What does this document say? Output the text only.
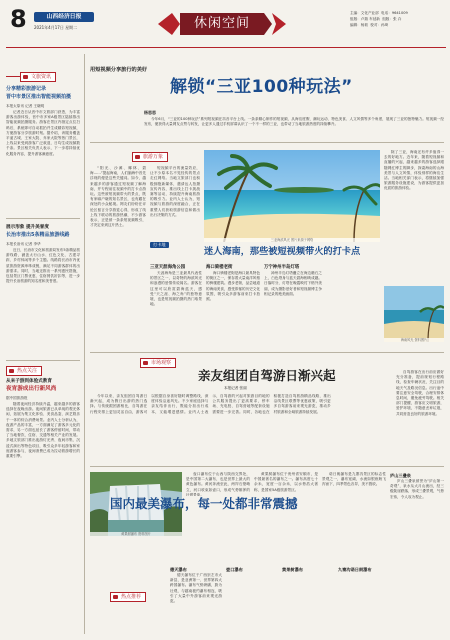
8	山西经济日报
2021年4月17日 星期二	休闲空间
主编：文化产业部 电话：9641009
组版：卢瑞 车延新 组版：张 卉
编辑：杨莉 校对：孙琦
文旅资讯
分享精彩旅游记录
晋中市景区推出智能视频拍摄
本报太原讯 记者 王晓明

记者近日从晋中市文旅部门获悉，为丰富游客出游体验，晋中市多家A级景区陆续推出智能视频拍摄服务。游客在景区内指定点位扫码后，系统即可自动抓拍并生成精彩短视频，方便游客分享旅游时刻。据介绍，该服务覆盖平遥古城、王家大院、乔家大院等热门景区，上线以来受到游客广泛欢迎，日均生成视频数千条。景区相关负责人表示，下一步将持续优化服务内容，提升游客满意度。

展示形象 提升美誉度
长治市推出5条精品旅游线路
本报长治讯 记者 李华

近日，长治市文化和旅游局发布5条精品旅游线路，涵盖太行山水、红色文化、古建寻踪、乡村休闲等多个主题。线路将长治市内优质旅游资源串珠成链，满足不同游客群体的出游需求。同时，当地还推出一系列惠民措施，包括景区门票优惠、住宿餐饮折扣等，进一步提升长治旅游的知名度和美誉度。

热点关注
从来子游到体验式教育
夜宵游成出行新风尚
据中国旅游报

随着夜间经济持续升温，越来越多的游客选择在夜晚出游。夜间旅游已从单纯的观光休闲，拓展为集文化体验、美食品鉴、演艺娱乐于一体的综合消费场景。业内人士分析认为，夜游产品的丰富，一方面满足了游客多元化的需求，另一方面也延长了游客停留时间，带动了当地餐饮、住宿、交通等相关产业的发展。多地文旅部门推出夜游灯光秀、夜间市集、沉浸式演出等特色项目，吸引众多年轻游客和家庭游客参与，夜间消费已成为拉动旅游增长的重要引擎。

用短视频分享旅行的美好
解锁“三亚100种玩法”
杨思思

今年6月，“三亚的100种玩法”系列短视频在抖音平台上线。一条条精心制作的短视频，从海岛度假、潮玩运动、特色美食、人文风情等多个角度，展现了三亚的独特魅力。短视频一经发布，便获得大量网友点赞与转发，让更多人通过手机屏幕认识了一个不一样的三亚，也带动了当地旅游热度的持续攀升。

旅游万象

“阳光、沙滩、椰林、碧海……”提起海南，人们脑海中首先浮现的便是这些关键词。如今，越来越多的游客通过短视频了解海南，并专程前往视频中的打卡点游玩。这些被短视频带火的景点，既有家喻户晓的知名景区，也有藏在深处的小众秘境。网友们纷纷在评论区留言分享游览心得，形成了线上线下联动的旅游热潮，不少游客表示，正是被一条条短视频吸引，才决定来到这片热土。

短视频平台的流量效应，让不少原本名不见经传的景点走红网络。当地文旅部门也积极拥抱新媒体，邀请达人拍摄宣传内容，推出线上打卡挑战赛等活动，持续提升海南旅游的吸引力。业内人士认为，短视频与旅游的深度融合，正在重塑人们获取旅游信息和做出出行决策的方式。

三亚海滨风光 图片来源于网络
迷人海南，那些被短视频带火的打卡点
打卡地
三亚天涯海角公园

天涯海角是三亚最具代表性的景区之一，以奇特的海滨风光和浪漫的爱情传说闻名。游客在这里可以欣赏碧海蓝天，感受“天之涯、海之角”的独特意境，也是短视频拍摄的热门取景地。

海口骑楼老街

海口骑楼老街是海口最具特色的街区之一，保存着大量南洋风格的骑楼建筑。漫步老街，品尝地道的海南美食，感受浓郁的历史文化氛围，吸引众多游客前来打卡拍照。

万宁神州半岛灯塔

神州半岛灯塔矗立在海边礁石之上，白色塔身与蓝天碧海相映成趣。日落时分，灯塔在晚霞映衬下格外美丽，成为摄影爱好者和短视频博主争相记录的绝美画面。

除了三亚，海南还有许多值得一去的好地方。近年来，随着短视频和直播的兴起，越来越多的游客选择跟随网红博主的脚步，探索海南的山海美景与人文风情，体验别样的海岛生活。当地相关部门表示，将继续加强旅游服务设施建设，为游客提供更加优质的旅游体验。

海南风光 资料图片
市场观察
亲友组团自驾游日渐兴起
本报记者 张丽

今年以来，亲友组团自驾游日渐兴起，成为假日出游的热门选择。与传统跟团游相比，自驾游在行程安排上更加灵活自由，游客可以根据自身喜好随时调整路线，深度体验沿途风光。不少家庭选择与亲友结伴出行，既能分担出行成本，又能增进感情。业内人士表示，自驾游的兴起对旅游目的地的公共服务提出了更高要求，停车场、充电桩、自驾营地等配套设施需要进一步完善。同时，各地也在积极打造自驾旅游精品线路，推出沿线景区联票等优惠政策，吸引更多自驾游客前来观光游览，推动乡村旅游和全域旅游持续发展。

自驾游客在出行前应做好充分准备，提前规划行程路线，检查车辆状况，关注目的地天气及路况信息。出行途中要注意安全驾驶，合理安排休息时间，避免疲劳驾驶。相关部门提醒，游客应文明旅游，爱护环境，不随意丢弃垃圾，共同营造良好的旅游环境。

黄果树瀑布 资料图片
国内最美瀑布，每一处都非常震撼

壶口瀑布位于山西与陕西交界处，是中国第二大瀑布，也是世界上最大的黄色瀑布。黄河奔流至此，两岸石壁峭立，河口收束如壶口，形成气势雄浑的壮观景象。

黄果树瀑布位于贵州省安顺市，是中国最著名的瀑布之一。瀑布高度七十余米，宽度一百余米，以水势浩大著称，是国家5A级旅游景区。

诺日朗瀑布是九寨沟景区的标志性景观之一，瀑布宽阔，水流如银练般飞泻而下，四季景色各异，美不胜收。

庐山三叠泉

庐山三叠泉被誉为“庐山第一奇观”，泉水从大月山流出，经三级陡崖跌落，形成三叠景观，气势宏伟，令人叹为观止。

热点推荐
德天瀑布

德天瀑布位于广西崇左市大新县，是亚洲第一、世界第四大跨国瀑布。瀑布气势磅礴，蔚为壮观，与越南板约瀑布相连，吸引了大量中外游客前来观光游览。

壶口瀑布	黄果树瀑布	九寨沟诺日朗瀑布
